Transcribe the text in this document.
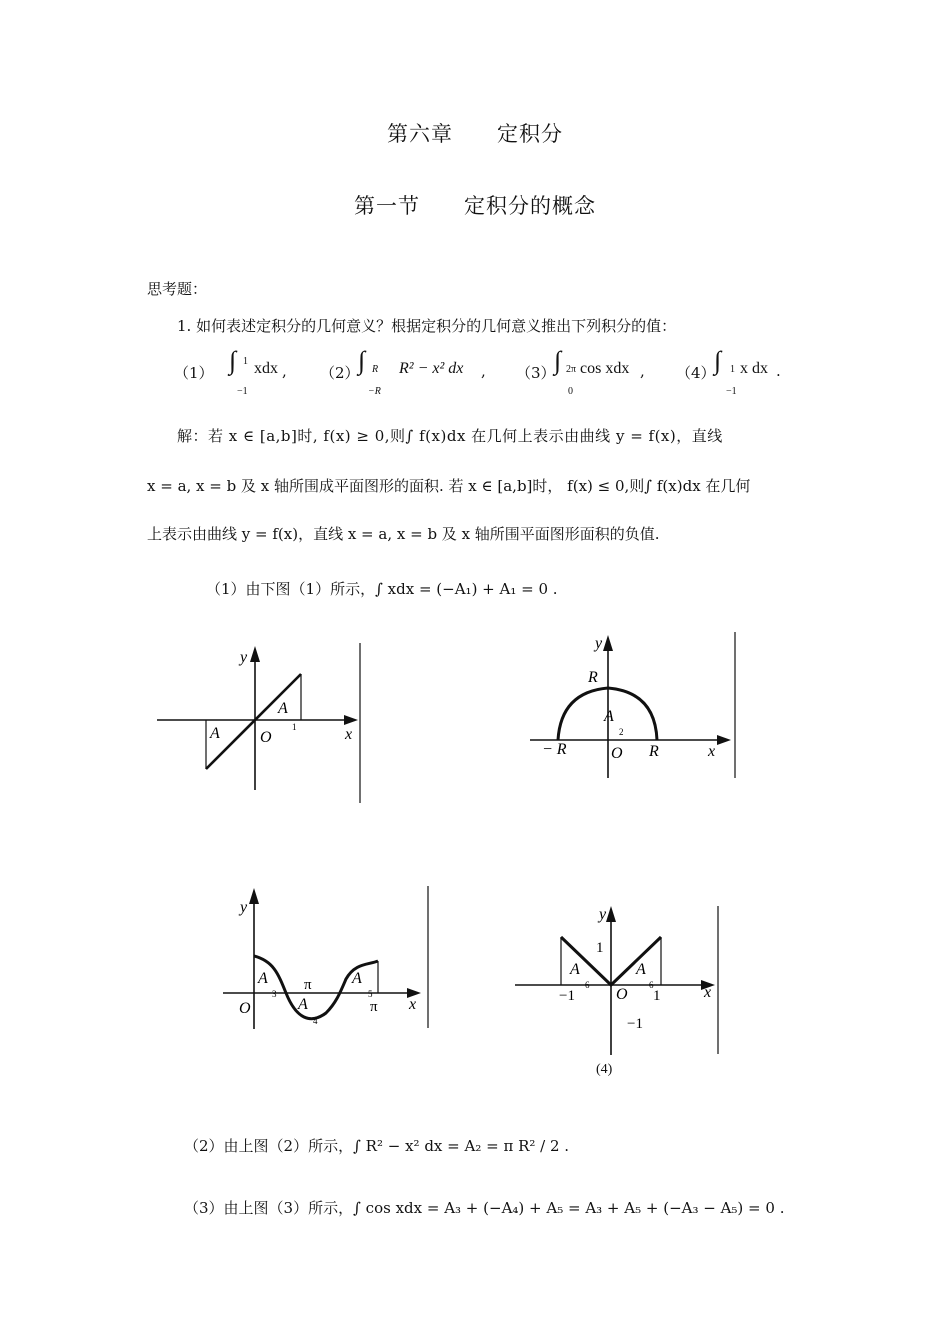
第六章　　定积分
第一节　　定积分的概念
思考题：
1. 如何表述定积分的几何意义？根据定积分的几何意义推出下列积分的值：
（1） ∫ 1
−1
xdx , （2）
∫ R
−R
R² − x² dx , （3）
∫ 2π
0
cos xdx , （4）
∫ 1
−1
x dx .
解：若 x ∈ [a,b]时, f(x) ≥ 0,则∫ f(x)dx 在几何上表示由曲线 y = f(x)，直线
x = a, x = b 及 x 轴所围成平面图形的面积. 若 x ∈ [a,b]时， f(x) ≤ 0,则∫ f(x)dx 在几何
上表示由曲线 y = f(x)，直线 x = a, x = b 及 x 轴所围平面图形面积的负值.
（1）由下图（1）所示，∫ xdx = (−A₁) + A₁ = 0 .
y
x
O
A
A
1
y
x
O
R
− R	R
A
2
y
x
O
π
π
A
3
A
4
A
5
y
x
O
1
−1
−1	1
A
6
A
6
(4)
（2）由上图（2）所示，∫ R² − x² dx = A₂ = π R² / 2 .
（3）由上图（3）所示，∫ cos xdx = A₃ + (−A₄) + A₅ = A₃ + A₅ + (−A₃ − A₅) = 0 .
